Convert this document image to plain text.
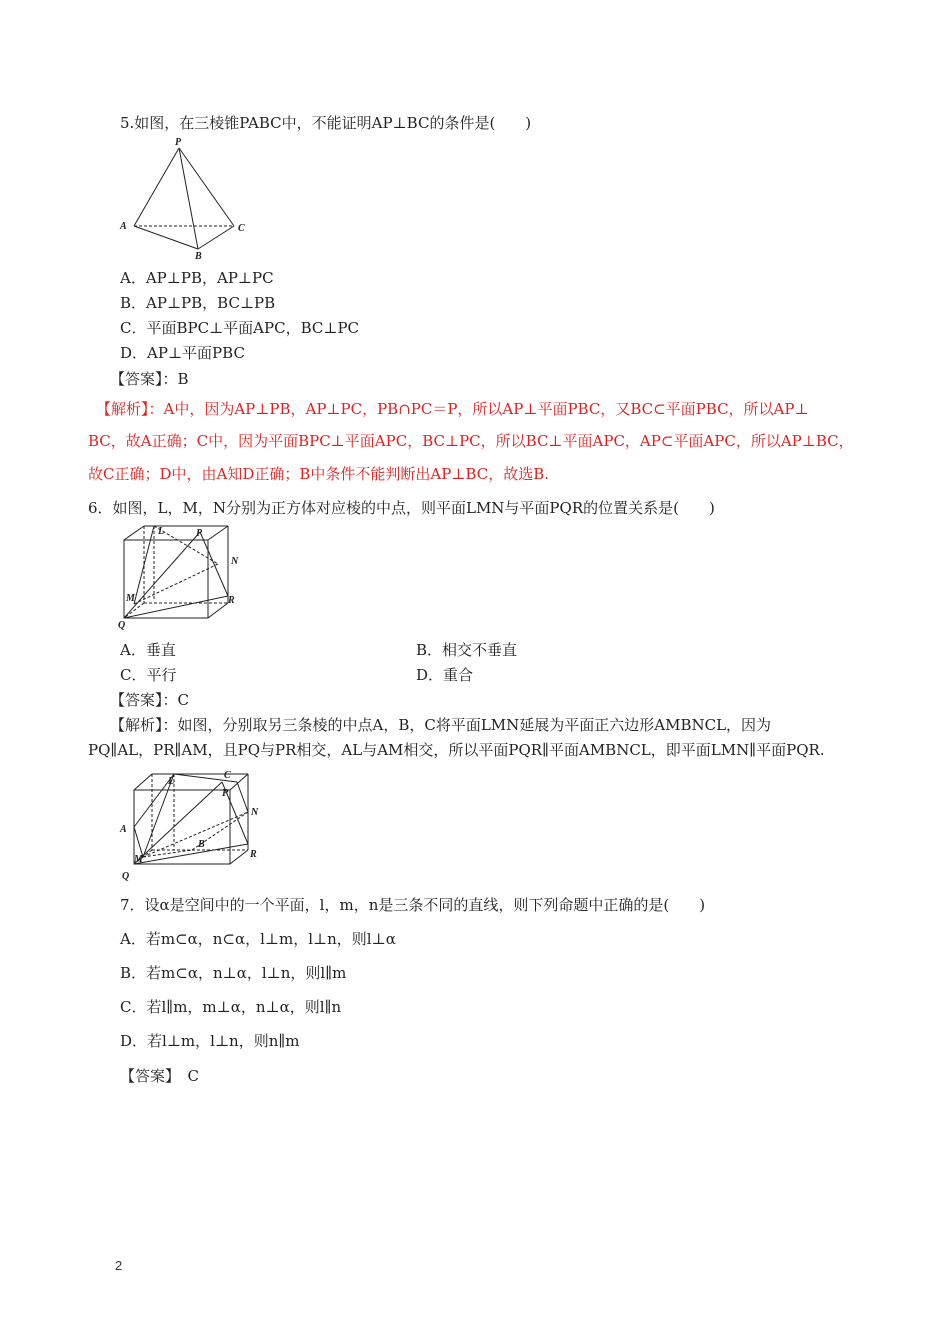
5.如图，在三棱锥PABC中，不能证明AP⊥BC的条件是(　　)
P
A
B
C
A．AP⊥PB，AP⊥PC
B．AP⊥PB，BC⊥PB
C．平面BPC⊥平面APC，BC⊥PC
D．AP⊥平面PBC
【答案】：B
【解析】：A中，因为AP⊥PB，AP⊥PC，PB∩PC＝P，所以AP⊥平面PBC，又BC⊂平面PBC，所以AP⊥
BC，故A正确；C中，因为平面BPC⊥平面APC，BC⊥PC，所以BC⊥平面APC，AP⊂平面APC，所以AP⊥BC，
故C正确；D中，由A知D正确；B中条件不能判断出AP⊥BC，故选B.
6．如图，L，M，N分别为正方体对应棱的中点，则平面LMN与平面PQR的位置关系是(　　)
L	P
N
M	R
Q
A．垂直	B．相交不垂直
C．平行	D．重合
【答案】：C
【解析】：如图，分别取另三条棱的中点A，B，C将平面LMN延展为平面正六边形AMBNCL，因为
PQ∥AL，PR∥AM，且PQ与PR相交，AL与AM相交，所以平面PQR∥平面AMBNCL，即平面LMN∥平面PQR.
L
C
P
N
A
B
M	R
Q
7．设α是空间中的一个平面，l，m，n是三条不同的直线，则下列命题中正确的是(　　)
A．若m⊂α，n⊂α，l⊥m，l⊥n，则l⊥α
B．若m⊂α，n⊥α，l⊥n，则l∥m
C．若l∥m，m⊥α，n⊥α，则l∥n
D．若l⊥m，l⊥n，则n∥m
【答案】　C
2
